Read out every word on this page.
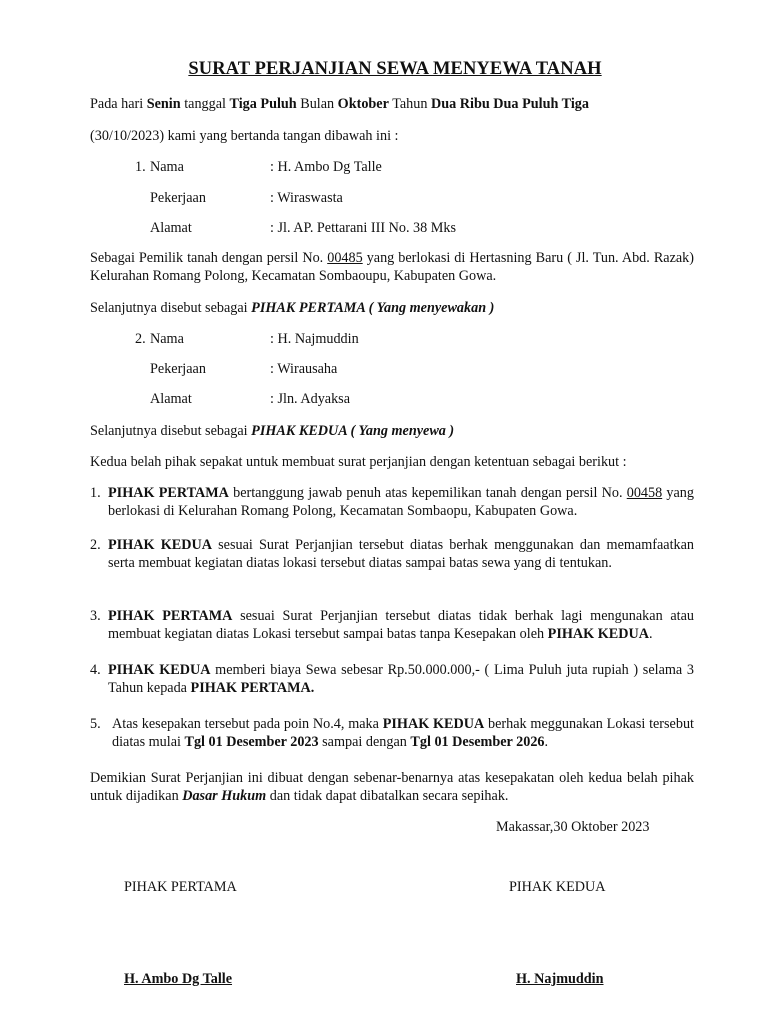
SURAT PERJANJIAN SEWA MENYEWA TANAH
Pada hari Senin tanggal Tiga Puluh Bulan Oktober Tahun Dua Ribu Dua Puluh Tiga
(30/10/2023) kami yang bertanda tangan dibawah ini :
1. Nama	: H. Ambo Dg Talle
Pekerjaan	: Wiraswasta
Alamat	: Jl. AP. Pettarani III No. 38 Mks
Sebagai Pemilik tanah dengan persil No. 00485 yang berlokasi di Hertasning Baru ( Jl. Tun. Abd. Razak) Kelurahan Romang Polong, Kecamatan Sombaoupu, Kabupaten Gowa.
Selanjutnya disebut sebagai PIHAK PERTAMA ( Yang menyewakan )
2. Nama	: H. Najmuddin
Pekerjaan	: Wirausaha
Alamat	: Jln. Adyaksa
Selanjutnya disebut sebagai PIHAK KEDUA ( Yang menyewa )
Kedua belah pihak sepakat untuk membuat surat perjanjian dengan ketentuan sebagai berikut :
1. PIHAK PERTAMA bertanggung jawab penuh atas kepemilikan tanah dengan persil No. 00458 yang berlokasi di Kelurahan Romang Polong, Kecamatan Sombaopu, Kabupaten Gowa.
2. PIHAK KEDUA sesuai Surat Perjanjian tersebut diatas berhak menggunakan dan memamfaatkan serta membuat kegiatan diatas lokasi tersebut diatas sampai batas sewa yang di tentukan.
3. PIHAK PERTAMA sesuai Surat Perjanjian tersebut diatas tidak berhak lagi mengunakan atau membuat kegiatan diatas Lokasi tersebut sampai batas tanpa Kesepakan oleh PIHAK KEDUA.
4. PIHAK KEDUA memberi biaya Sewa sebesar Rp.50.000.000,- ( Lima Puluh juta rupiah ) selama 3 Tahun kepada PIHAK PERTAMA.
5. Atas kesepakan tersebut pada poin No.4, maka PIHAK KEDUA berhak meggunakan Lokasi tersebut diatas mulai Tgl 01 Desember 2023 sampai dengan Tgl 01 Desember 2026.
Demikian Surat Perjanjian ini dibuat dengan sebenar-benarnya atas kesepakatan oleh kedua belah pihak untuk dijadikan Dasar Hukum dan tidak dapat dibatalkan secara sepihak.
Makassar,30 Oktober 2023
PIHAK PERTAMA	PIHAK KEDUA
H. Ambo Dg Talle	H. Najmuddin
